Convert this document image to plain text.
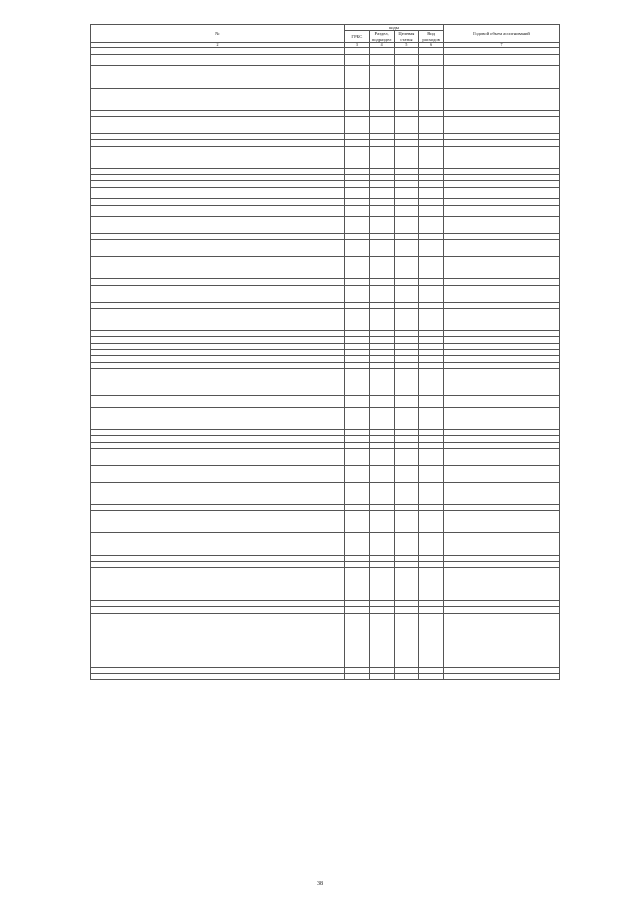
№	коды				Годовой объем ассигнований
	ГРБС	Раздел, подраздел	Целевая статья	Вид расходов	
2	3	4	5	6	7

38
